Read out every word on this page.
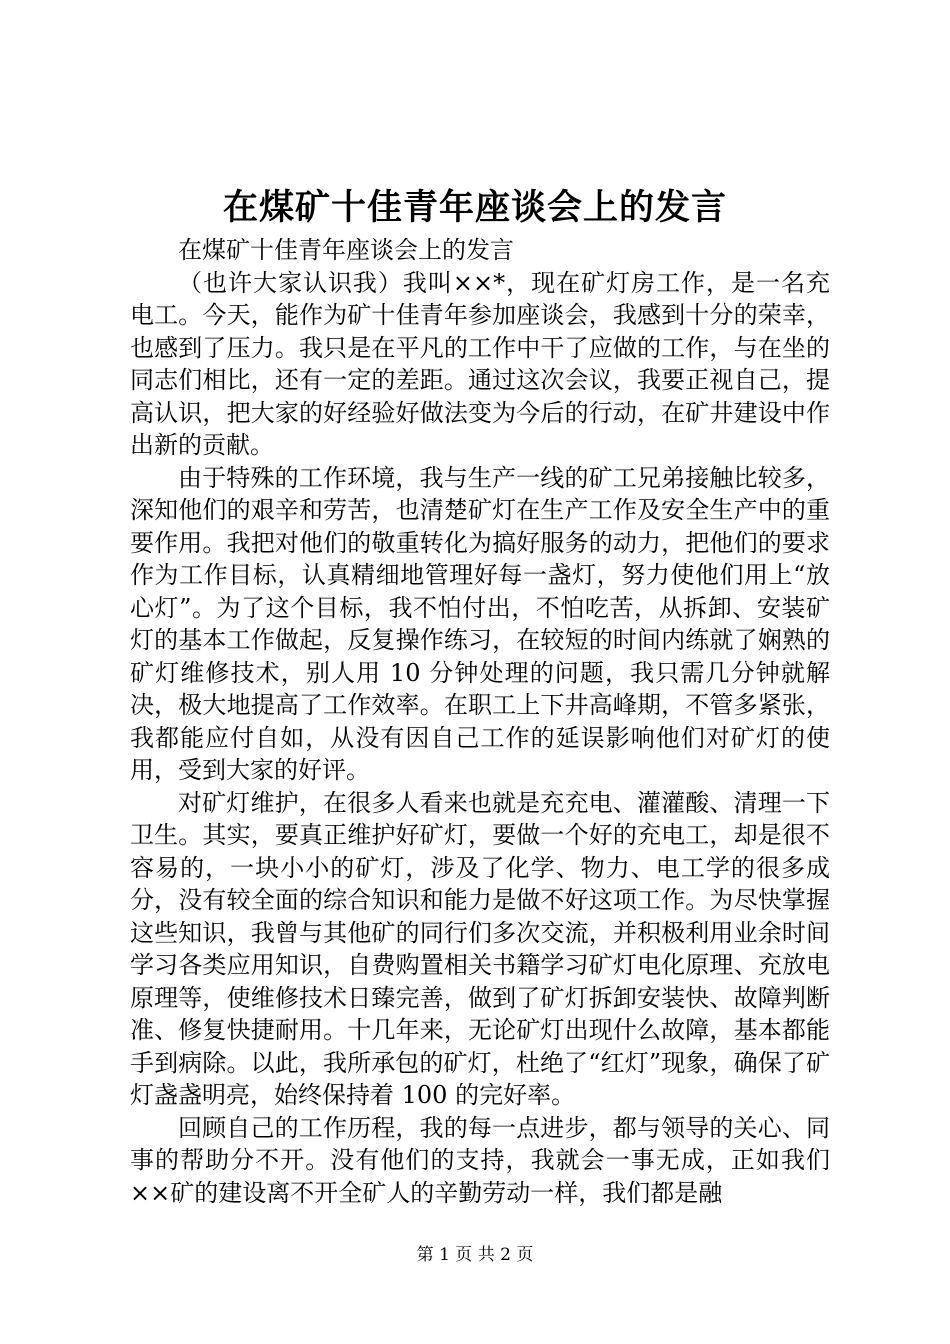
在煤矿十佳青年座谈会上的发言

在煤矿十佳青年座谈会上的发言

（也许大家认识我）我叫××*，现在矿灯房工作，是一名充电工。今天，能作为矿十佳青年参加座谈会，我感到十分的荣幸，也感到了压力。我只是在平凡的工作中干了应做的工作，与在坐的同志们相比，还有一定的差距。通过这次会议，我要正视自己，提高认识，把大家的好经验好做法变为今后的行动，在矿井建设中作出新的贡献。

由于特殊的工作环境，我与生产一线的矿工兄弟接触比较多，深知他们的艰辛和劳苦，也清楚矿灯在生产工作及安全生产中的重要作用。我把对他们的敬重转化为搞好服务的动力，把他们的要求作为工作目标，认真精细地管理好每一盏灯，努力使他们用上“放心灯”。为了这个目标，我不怕付出，不怕吃苦，从拆卸、安装矿灯的基本工作做起，反复操作练习，在较短的时间内练就了娴熟的矿灯维修技术，别人用 10 分钟处理的问题，我只需几分钟就解决，极大地提高了工作效率。在职工上下井高峰期，不管多紧张，我都能应付自如，从没有因自己工作的延误影响他们对矿灯的使用，受到大家的好评。

对矿灯维护，在很多人看来也就是充充电、灌灌酸、清理一下卫生。其实，要真正维护好矿灯，要做一个好的充电工，却是很不容易的，一块小小的矿灯，涉及了化学、物力、电工学的很多成分，没有较全面的综合知识和能力是做不好这项工作。为尽快掌握这些知识，我曾与其他矿的同行们多次交流，并积极利用业余时间学习各类应用知识，自费购置相关书籍学习矿灯电化原理、充放电原理等，使维修技术日臻完善，做到了矿灯拆卸安装快、故障判断准、修复快捷耐用。十几年来，无论矿灯出现什么故障，基本都能手到病除。以此，我所承包的矿灯，杜绝了“红灯”现象，确保了矿灯盏盏明亮，始终保持着 100 的完好率。

回顾自己的工作历程，我的每一点进步，都与领导的关心、同事的帮助分不开。没有他们的支持，我就会一事无成，正如我们××矿的建设离不开全矿人的辛勤劳动一样，我们都是融

第 1 页 共 2 页
